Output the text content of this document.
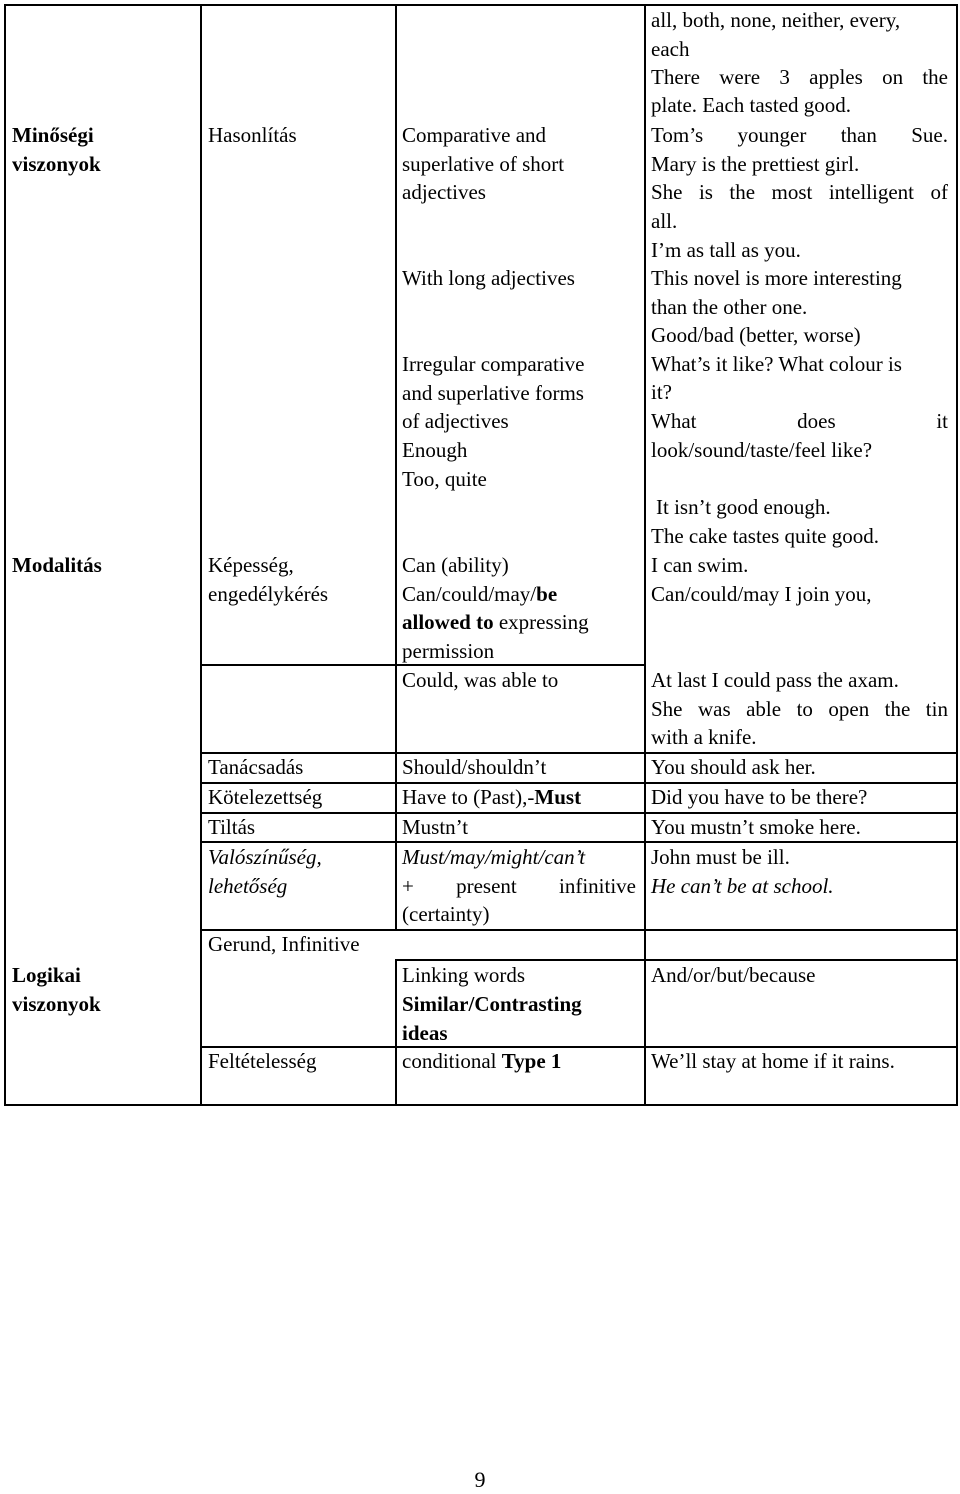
Minőségi
viszonyok
Modalitás
Logikai
viszonyok
Hasonlítás
Képesség,
engedélykérés
Tanácsadás
Kötelezettség
Tiltás
Valószínűség,
lehetőség
Gerund, Infinitive
Feltételesség
Comparative and
superlative of short
adjectives
With long adjectives
Irregular comparative
and superlative forms
of adjectives
Enough
Too, quite
Can (ability)
Can/could/may/be
allowed to expressing
permission
Could, was able to
Should/shouldn’t
Have to (Past),-Must
Mustn’t
Must/may/might/can’t
+ present infinitive
(certainty)
Linking words
Similar/Contrasting
ideas
conditional Type 1
all, both, none, neither, every,
each
There were 3 apples on the
plate. Each tasted good.
Tom’s younger than Sue.
Mary is the prettiest girl.
She is the most intelligent of
all.
I’m as tall as you.
This novel is more interesting
than the other one.
Good/bad (better, worse)
What’s it like? What colour is
it?
What	does	it
look/sound/taste/feel like?
It isn’t good enough.
The cake tastes quite good.
I can swim.
Can/could/may I join you,
At last I could pass the axam.
She was able to open the tin
with a knife.
You should ask her.
Did you have to be there?
You mustn’t smoke here.
John must be ill.
He can’t be at school.
And/or/but/because
We’ll stay at home if it rains.
9
